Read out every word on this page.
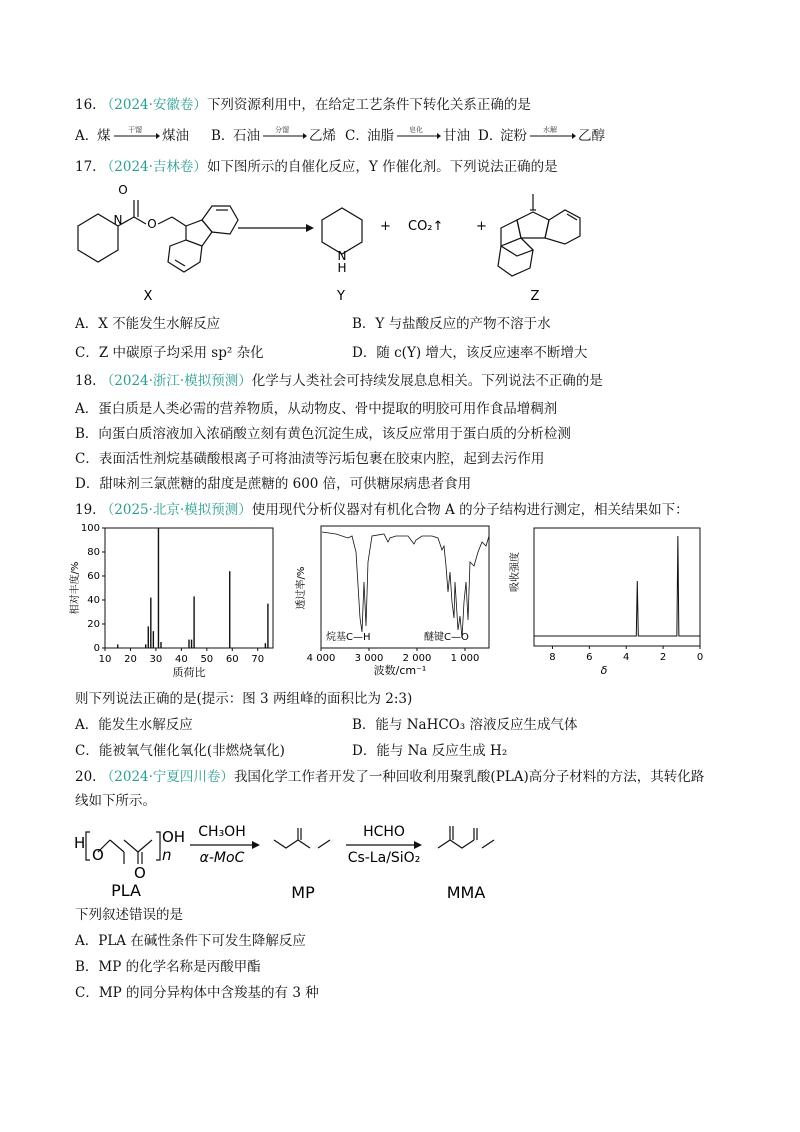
16. （2024·安徽卷）下列资源利用中，在给定工艺条件下转化关系正确的是
A．
煤	干馏 煤油 B．
石油 分馏 乙烯 C．
油脂 皂化 甘油 D．
淀粉 水解 乙醇
17. （2024·吉林卷）如下图所示的自催化反应，Y 作催化剂。下列说法正确的是
O
N O
X
N
H
Y
+ CO₂↑	+
Z
A．X 不能发生水解反应	B．Y 与盐酸反应的产物不溶于水
C．Z 中碳原子均采用 sp² 杂化	D．随 c(Y) 增大，该反应速率不断增大
18. （2024·浙江·模拟预测）化学与人类社会可持续发展息息相关。下列说法不正确的是
A．蛋白质是人类必需的营养物质，从动物皮、骨中提取的明胶可用作食品增稠剂
B．向蛋白质溶液加入浓硝酸立刻有黄色沉淀生成，该反应常用于蛋白质的分析检测
C．表面活性剂烷基磺酸根离子可将油渍等污垢包裹在胶束内腔，起到去污作用
D．甜味剂三氯蔗糖的甜度是蔗糖的 600 倍，可供糖尿病患者食用
19. （2025·北京·模拟预测）使用现代分析仪器对有机化合物 A 的分子结构进行测定，相关结果如下：
0
20
40
60
80
100
10 20 30 40 50 60 70
质荷比
相对丰度/%
烷基C—H	醚键C—O
4 000 3 000 2 000 1 000
波数/cm⁻¹
透过率/%
8	6	4	2	0
δ
吸收强度
则下列说法正确的是(提示：图 3 两组峰的面积比为 2:3)
A．能发生水解反应	B．能与 NaHCO₃ 溶液反应生成气体
C．能被氧气催化氧化(非燃烧氧化)	D．能与 Na 反应生成 H₂
20. （2024·宁夏四川卷）我国化学工作者开发了一种回收利用聚乳酸(PLA)高分子材料的方法，其转化路
线如下所示。
H
O
O
n
OH
PLA
CH₃OH
α-MoC
MP
HCHO
Cs-La/SiO₂
MMA
下列叙述错误的是
A．PLA 在碱性条件下可发生降解反应
B．MP 的化学名称是丙酸甲酯
C．MP 的同分异构体中含羧基的有 3 种
